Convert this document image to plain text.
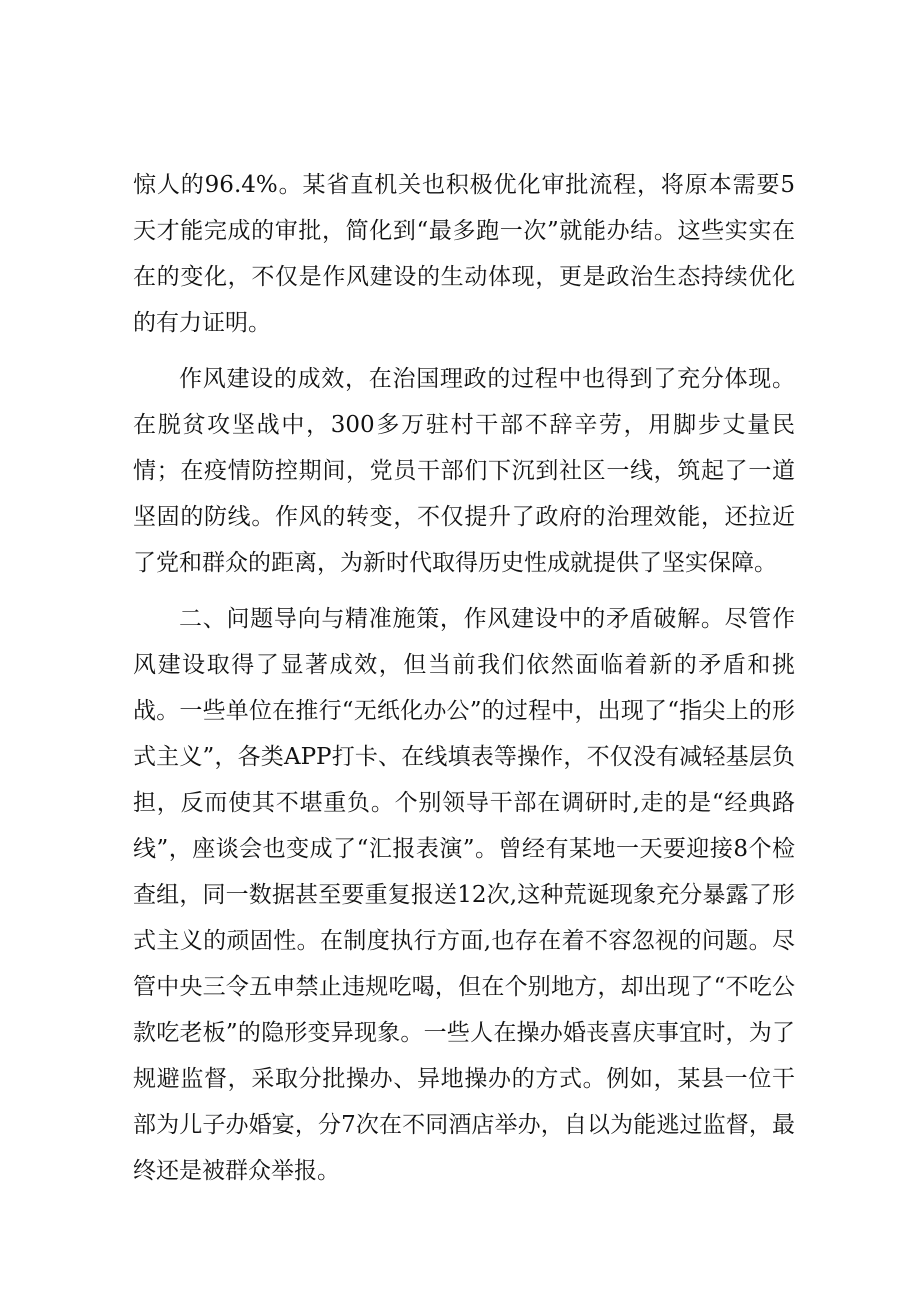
惊人的96.4%。某省直机关也积极优化审批流程，将原本需要5天才能完成的审批，简化到“最多跑一次”就能办结。这些实实在在的变化，不仅是作风建设的生动体现，更是政治生态持续优化的有力证明。

作风建设的成效，在治国理政的过程中也得到了充分体现。在脱贫攻坚战中，300多万驻村干部不辞辛劳，用脚步丈量民情；在疫情防控期间，党员干部们下沉到社区一线，筑起了一道坚固的防线。作风的转变，不仅提升了政府的治理效能，还拉近了党和群众的距离，为新时代取得历史性成就提供了坚实保障。

二、问题导向与精准施策，作风建设中的矛盾破解。尽管作风建设取得了显著成效，但当前我们依然面临着新的矛盾和挑战。一些单位在推行“无纸化办公”的过程中，出现了“指尖上的形式主义”，各类APP打卡、在线填表等操作，不仅没有减轻基层负担，反而使其不堪重负。个别领导干部在调研时,走的是“经典路线”，座谈会也变成了“汇报表演”。曾经有某地一天要迎接8个检查组，同一数据甚至要重复报送12次,这种荒诞现象充分暴露了形式主义的顽固性。在制度执行方面,也存在着不容忽视的问题。尽管中央三令五申禁止违规吃喝，但在个别地方，却出现了“不吃公款吃老板”的隐形变异现象。一些人在操办婚丧喜庆事宜时，为了规避监督，采取分批操办、异地操办的方式。例如，某县一位干部为儿子办婚宴，分7次在不同酒店举办，自以为能逃过监督，最终还是被群众举报。
